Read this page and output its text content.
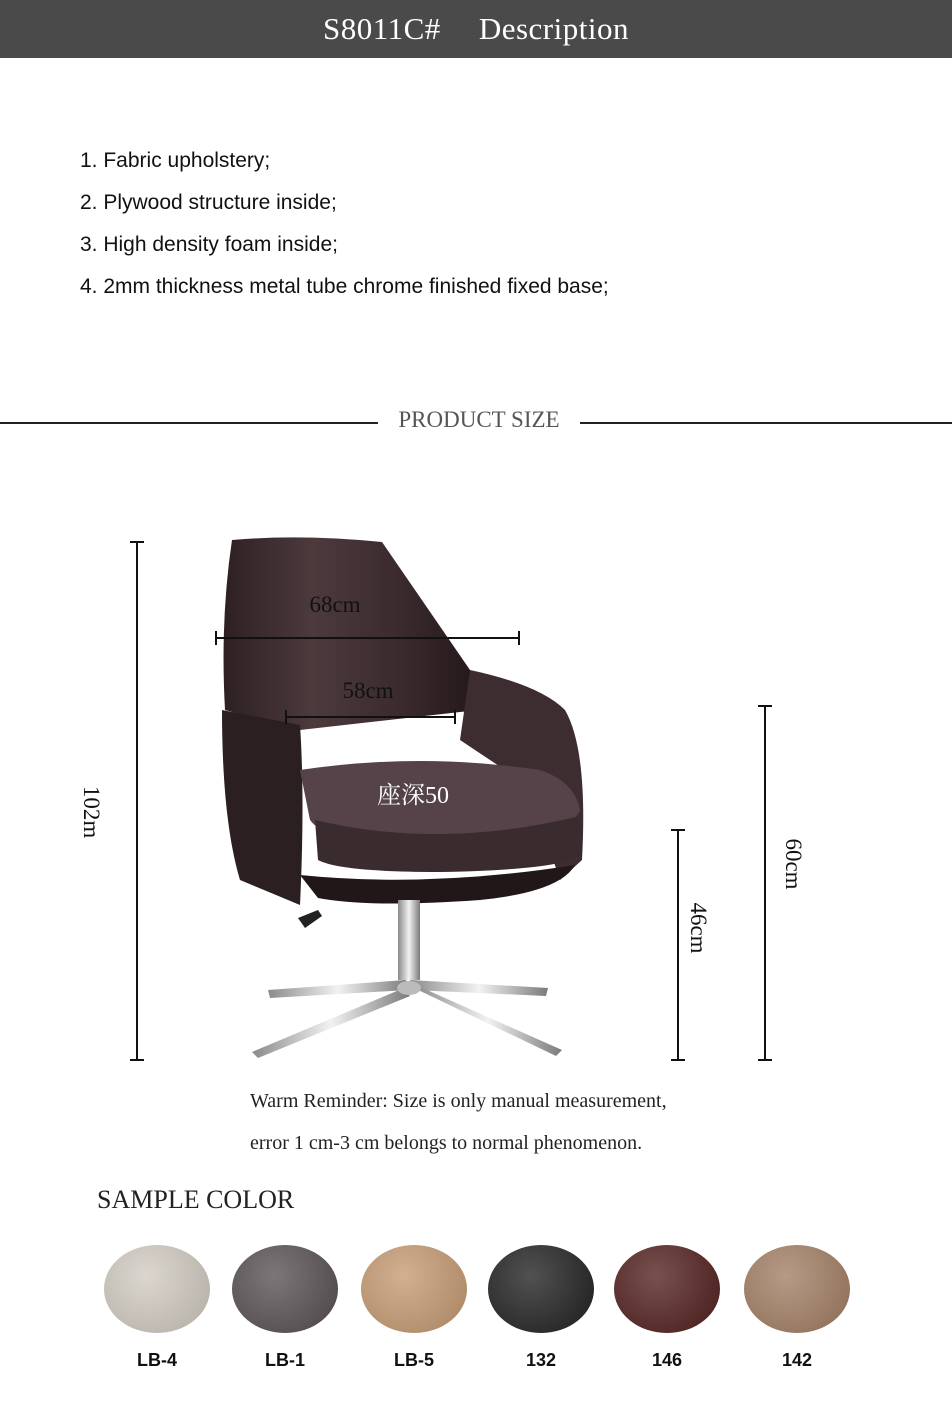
S8011C# Description
1. Fabric upholstery;
2. Plywood structure inside;
3. High density foam inside;
4. 2mm thickness metal tube chrome finished fixed base;
PRODUCT SIZE
68cm
58cm
座深50
102m
46cm
60cm
Warm Reminder: Size is only manual measurement,
error 1 cm-3 cm belongs to normal phenomenon.
SAMPLE COLOR
LB-4	LB-1	LB-5	132	146	142
